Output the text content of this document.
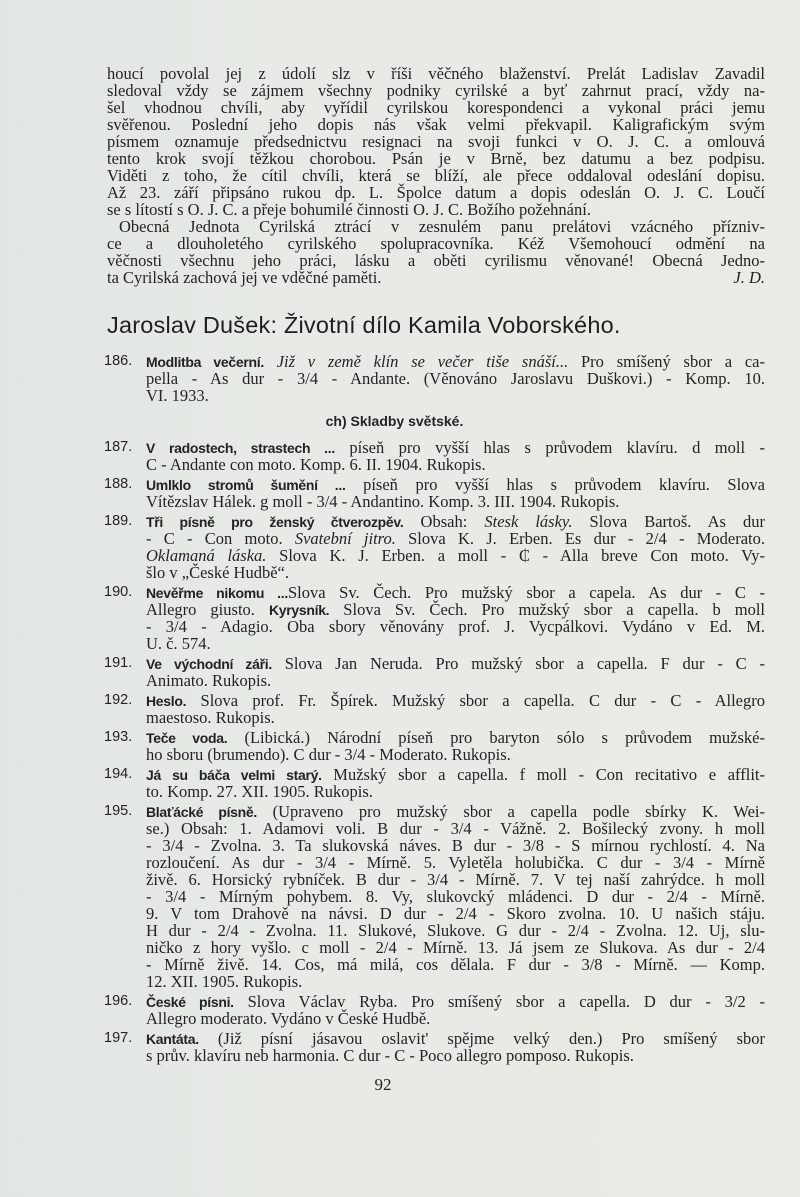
houcí povolal jej z údolí slz v říši věčného blaženství. Prelát Ladislav Zavadil
sledoval vždy se zájmem všechny podniky cyrilské a byť zahrnut prací, vždy na-
šel vhodnou chvíli, aby vyřídil cyrilskou korespondenci a vykonal práci jemu
svěřenou. Poslední jeho dopis nás však velmi překvapil. Kaligrafickým svým
písmem oznamuje předsednictvu resignaci na svoji funkci v O. J. C. a omlouvá
tento krok svojí těžkou chorobou. Psán je v Brně, bez datumu a bez podpisu.
Viděti z toho, že cítil chvíli, která se blíží, ale přece oddaloval odeslání dopisu.
Až 23. září připsáno rukou dp. L. Špolce datum a dopis odeslán O. J. C. Loučí
se s lítostí s O. J. C. a přeje bohumilé činnosti O. J. C. Božího požehnání.
Obecná Jednota Cyrilská ztrácí v zesnulém panu prelátovi vzácného přízniv-
ce a dlouholetého cyrilského spolupracovníka. Kéž Všemohoucí odmění na
věčnosti všechnu jeho práci, lásku a oběti cyrilismu věnované! Obecná Jedno-
J. D.
ta Cyrilská zachová jej ve vděčné paměti.
Jaroslav Dušek: Životní dílo Kamila Voborského.
186. Modlitba večerní. Již v země klín se večer tiše snáší... Pro smíšený sbor a ca-
pella - As dur - 3/4 - Andante. (Věnováno Jaroslavu Duškovi.) - Komp. 10.
VI. 1933.
ch) Skladby světské.
187. V radostech, strastech ... píseň pro vyšší hlas s průvodem klavíru. d moll -
C - Andante con moto. Komp. 6. II. 1904. Rukopis.
188. Umlklo stromů šumění ... píseň pro vyšší hlas s průvodem klavíru. Slova
Vítězslav Hálek. g moll - 3/4 - Andantino. Komp. 3. III. 1904. Rukopis.
189. Tři písně pro ženský čtverozpěv. Obsah: Stesk lásky. Slova Bartoš. As dur
- C - Con moto. Svatební jitro. Slova K. J. Erben. Es dur - 2/4 - Moderato.
Oklamaná láska. Slova K. J. Erben. a moll - ₵ - Alla breve Con moto. Vy-
šlo v „České Hudbě“.
190. Nevěřme nikomu ...Slova Sv. Čech. Pro mužský sbor a capela. As dur - C -
Allegro giusto. Kyrysník. Slova Sv. Čech. Pro mužský sbor a capella. b moll
- 3/4 - Adagio. Oba sbory věnovány prof. J. Vycpálkovi. Vydáno v Ed. M.
U. č. 574.
191. Ve východní záři. Slova Jan Neruda. Pro mužský sbor a capella. F dur - C -
Animato. Rukopis.
192. Heslo. Slova prof. Fr. Špírek. Mužský sbor a capella. C dur - C - Allegro
maestoso. Rukopis.
193. Teče voda. (Libická.) Národní píseň pro baryton sólo s průvodem mužské-
ho sboru (brumendo). C dur - 3/4 - Moderato. Rukopis.
194. Já su báča velmi starý. Mužský sbor a capella. f moll - Con recitativo e afflit-
to. Komp. 27. XII. 1905. Rukopis.
195. Blaťácké písně. (Upraveno pro mužský sbor a capella podle sbírky K. Wei-
se.) Obsah: 1. Adamovi voli. B dur - 3/4 - Vážně. 2. Bošilecký zvony. h moll
- 3/4 - Zvolna. 3. Ta slukovská náves. B dur - 3/8 - S mírnou rychlostí. 4. Na
rozloučení. As dur - 3/4 - Mírně. 5. Vyletěla holubička. C dur - 3/4 - Mírně
živě. 6. Horsický rybníček. B dur - 3/4 - Mírně. 7. V tej naší zahrýdce. h moll
- 3/4 - Mírným pohybem. 8. Vy, slukovcký mládenci. D dur - 2/4 - Mírně.
9. V tom Drahově na návsi. D dur - 2/4 - Skoro zvolna. 10. U našich stáju.
H dur - 2/4 - Zvolna. 11. Slukové, Slukove. G dur - 2/4 - Zvolna. 12. Uj, slu-
ničko z hory vyšlo. c moll - 2/4 - Mírně. 13. Já jsem ze Slukova. As dur - 2/4
- Mírně živě. 14. Cos, má milá, cos dělala. F dur - 3/8 - Mírně. — Komp.
12. XII. 1905. Rukopis.
196. České písni. Slova Václav Ryba. Pro smíšený sbor a capella. D dur - 3/2 -
Allegro moderato. Vydáno v České Hudbě.
197. Kantáta. (Již písní jásavou oslavit' spějme velký den.) Pro smíšený sbor
s prův. klavíru neb harmonia. C dur - C - Poco allegro pomposo. Rukopis.
92
